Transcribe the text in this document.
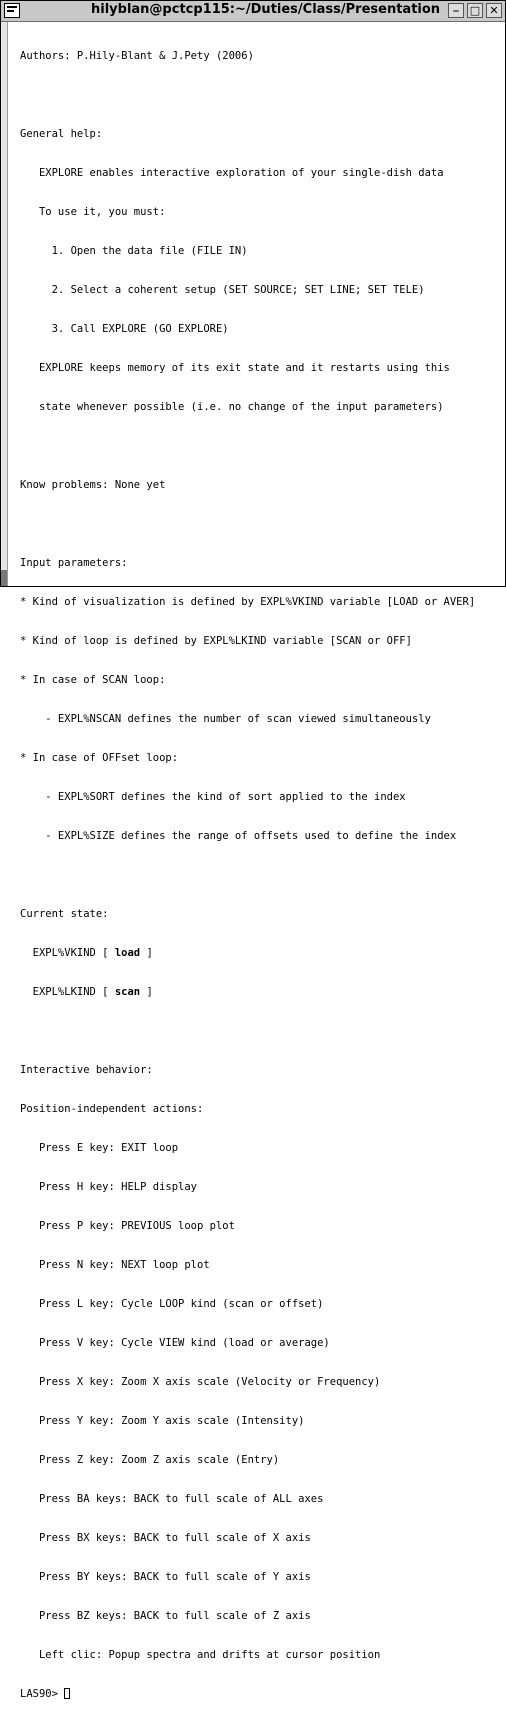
hilyblan@pctcp115:~/Duties/Class/Presentation	⎯	□ ✕

Authors: P.Hily-Blant & J.Pety (2006)

General help:

EXPLORE enables interactive exploration of your single-dish data

To use it, you must:

1. Open the data file (FILE IN)

2. Select a coherent setup (SET SOURCE; SET LINE; SET TELE)

3. Call EXPLORE (GO EXPLORE)

EXPLORE keeps memory of its exit state and it restarts using this

state whenever possible (i.e. no change of the input parameters)

Know problems: None yet

Input parameters:

* Kind of visualization is defined by EXPL%VKIND variable [LOAD or AVER]

* Kind of loop is defined by EXPL%LKIND variable [SCAN or OFF]

* In case of SCAN loop:

- EXPL%NSCAN defines the number of scan viewed simultaneously

* In case of OFFset loop:

- EXPL%SORT defines the kind of sort applied to the index

- EXPL%SIZE defines the range of offsets used to define the index

Current state:

EXPL%VKIND [ load ]

EXPL%LKIND [ scan ]

Interactive behavior:

Position-independent actions:

Press E key: EXIT loop

Press H key: HELP display

Press P key: PREVIOUS loop plot

Press N key: NEXT loop plot

Press L key: Cycle LOOP kind (scan or offset)

Press V key: Cycle VIEW kind (load or average)

Press X key: Zoom X axis scale (Velocity or Frequency)

Press Y key: Zoom Y axis scale (Intensity)

Press Z key: Zoom Z axis scale (Entry)

Press BA keys: BACK to full scale of ALL axes

Press BX keys: BACK to full scale of X axis

Press BY keys: BACK to full scale of Y axis

Press BZ keys: BACK to full scale of Z axis

Left clic: Popup spectra and drifts at cursor position

LAS90>
